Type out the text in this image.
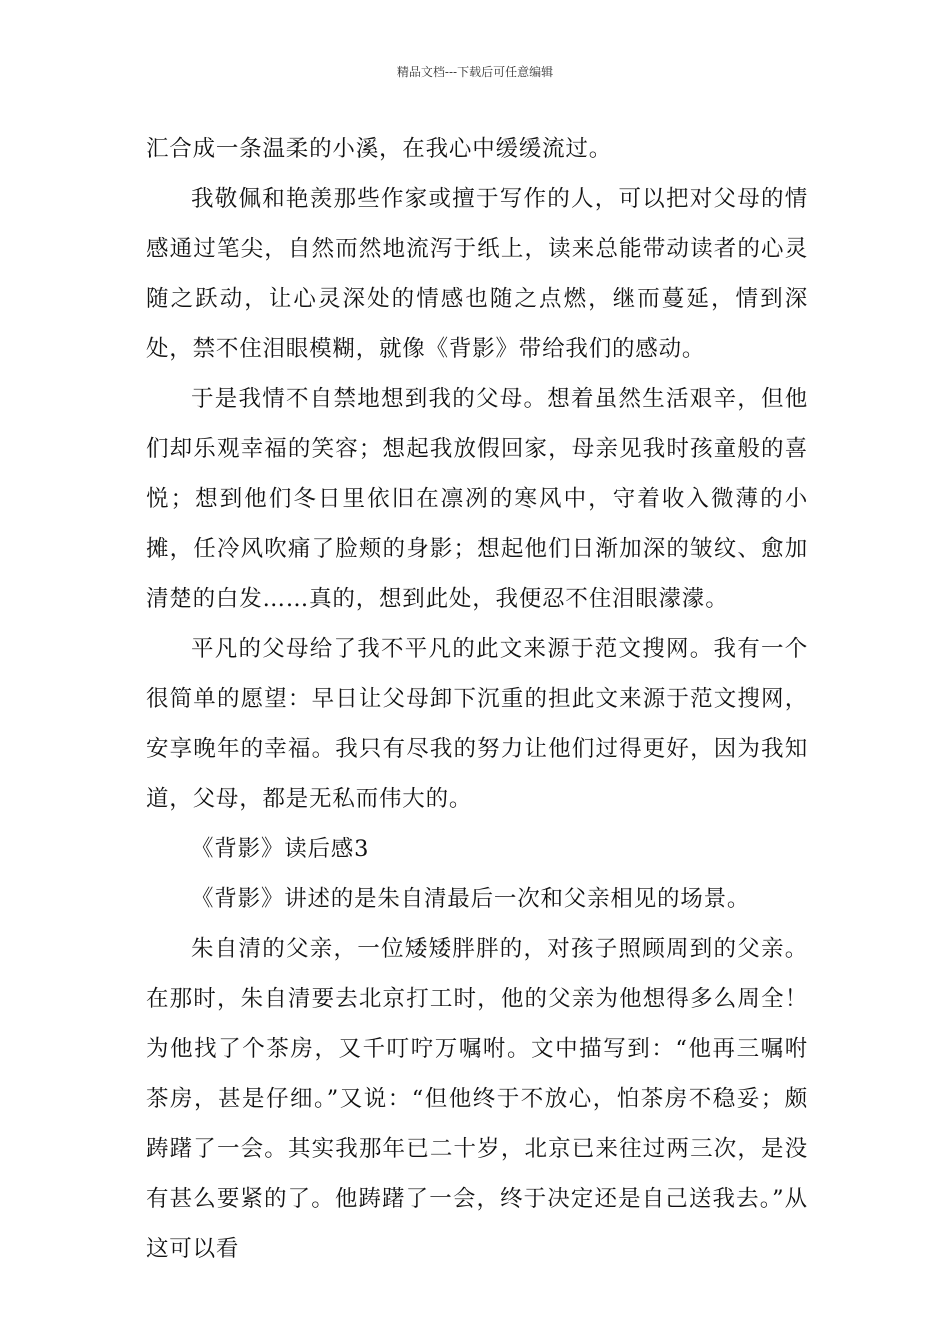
精品文档---下载后可任意编辑

汇合成一条温柔的小溪，在我心中缓缓流过。

我敬佩和艳羡那些作家或擅于写作的人，可以把对父母的情感通过笔尖，自然而然地流泻于纸上，读来总能带动读者的心灵随之跃动，让心灵深处的情感也随之点燃，继而蔓延，情到深处，禁不住泪眼模糊，就像《背影》带给我们的感动。

于是我情不自禁地想到我的父母。想着虽然生活艰辛，但他们却乐观幸福的笑容；想起我放假回家，母亲见我时孩童般的喜悦；想到他们冬日里依旧在凛冽的寒风中，守着收入微薄的小摊，任冷风吹痛了脸颊的身影；想起他们日渐加深的皱纹、愈加清楚的白发……真的，想到此处，我便忍不住泪眼濛濛。

平凡的父母给了我不平凡的此文来源于范文搜网。我有一个很简单的愿望：早日让父母卸下沉重的担此文来源于范文搜网，安享晚年的幸福。我只有尽我的努力让他们过得更好，因为我知道，父母，都是无私而伟大的。

《背影》读后感3

《背影》讲述的是朱自清最后一次和父亲相见的场景。

朱自清的父亲，一位矮矮胖胖的，对孩子照顾周到的父亲。在那时，朱自清要去北京打工时，他的父亲为他想得多么周全！为他找了个茶房，又千叮咛万嘱咐。文中描写到：“他再三嘱咐茶房，甚是仔细。”又说：“但他终于不放心，怕茶房不稳妥；颇踌躇了一会。其实我那年已二十岁，北京已来往过两三次，是没有甚么要紧的了。他踌躇了一会，终于决定还是自己送我去。”从这可以看
